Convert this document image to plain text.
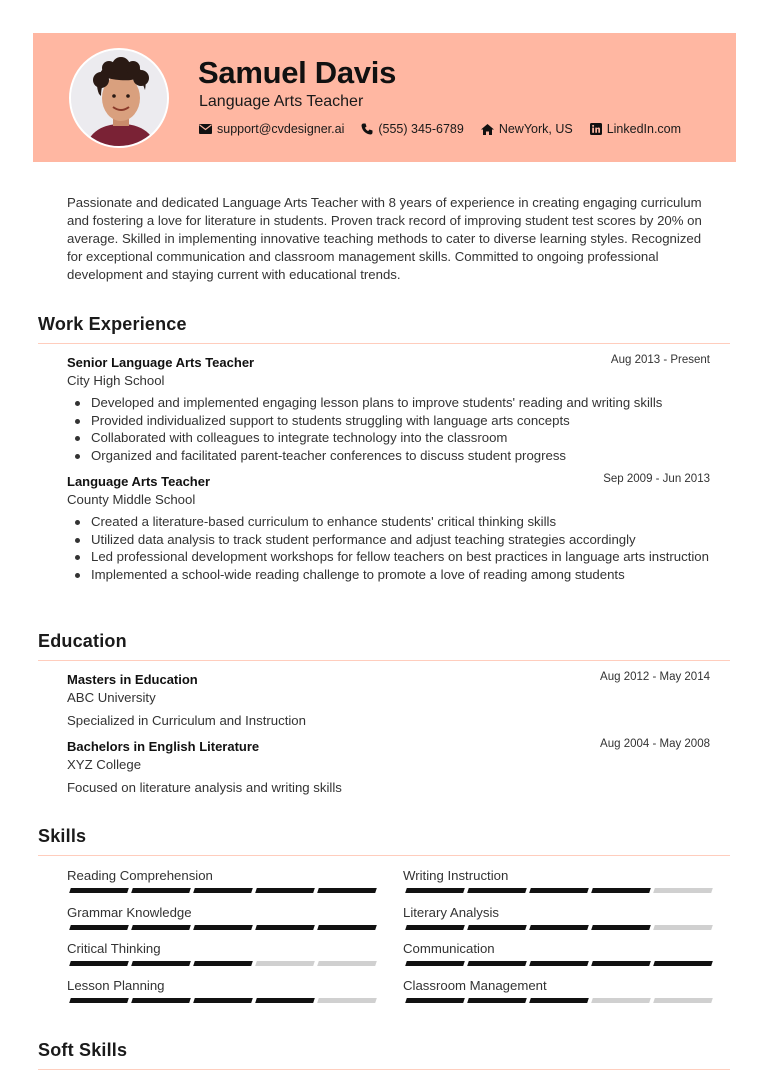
Samuel Davis
Language Arts Teacher
support@cvdesigner.ai	(555) 345-6789	NewYork, US	LinkedIn.com

Passionate and dedicated Language Arts Teacher with 8 years of experience in creating engaging curriculum and fostering a love for literature in students. Proven track record of improving student test scores by 20% on average. Skilled in implementing innovative teaching methods to cater to diverse learning styles. Recognized for exceptional communication and classroom management skills. Committed to ongoing professional development and staying current with educational trends.

Work Experience
Senior Language Arts Teacher	Aug 2013 - Present
City High School
Developed and implemented engaging lesson plans to improve students' reading and writing skills
Provided individualized support to students struggling with language arts concepts
Collaborated with colleagues to integrate technology into the classroom
Organized and facilitated parent-teacher conferences to discuss student progress
Language Arts Teacher	Sep 2009 - Jun 2013
County Middle School
Created a literature-based curriculum to enhance students' critical thinking skills
Utilized data analysis to track student performance and adjust teaching strategies accordingly
Led professional development workshops for fellow teachers on best practices in language arts instruction
Implemented a school-wide reading challenge to promote a love of reading among students
Education
Masters in Education	Aug 2012 - May 2014
ABC University
Specialized in Curriculum and Instruction
Bachelors in English Literature	Aug 2004 - May 2008
XYZ College
Focused on literature analysis and writing skills
Skills
Reading Comprehension	Writing Instruction
Grammar Knowledge	Literary Analysis
Critical Thinking	Communication
Lesson Planning	Classroom Management
Soft Skills
